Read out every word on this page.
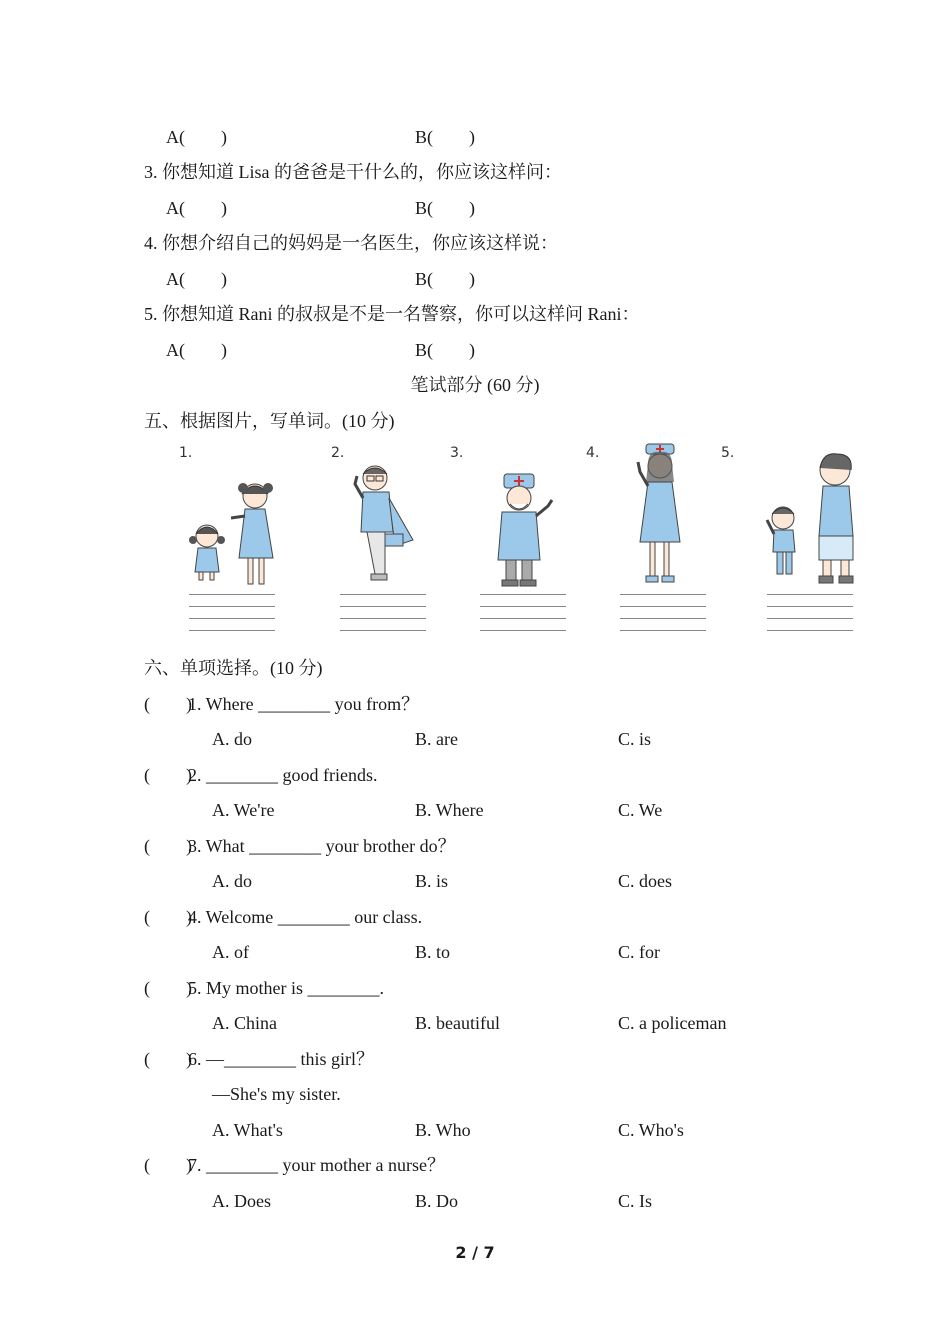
A(　　)	B(　　)
3. 你想知道 Lisa 的爸爸是干什么的，你应该这样问：
A(　　)	B(　　)
4. 你想介绍自己的妈妈是一名医生，你应该这样说：
A(　　)	B(　　)
5. 你想知道 Rani 的叔叔是不是一名警察，你可以这样问 Rani：
A(　　)	B(　　)
笔试部分 (60 分)
五、根据图片，写单词。(10 分)
1.	2.	3.	4.	5.
六、单项选择。(10 分)
(　　)
1. Where ________ you from？
A. do	B. are	C. is
(　　)
2. ________ good friends.
A. We're	B. Where	C. We
(　　)
3. What ________ your brother do？
A. do	B. is	C. does
(　　)
4. Welcome ________ our class.
A. of	B. to	C. for
(　　)
5. My mother is ________.
A. China	B. beautiful	C. a policeman
(　　)
6. —________ this girl？
—She's my sister.
A. What's	B. Who	C. Who's
(　　)
7. ________ your mother a nurse？
A. Does	B. Do	C. Is
2 / 7
